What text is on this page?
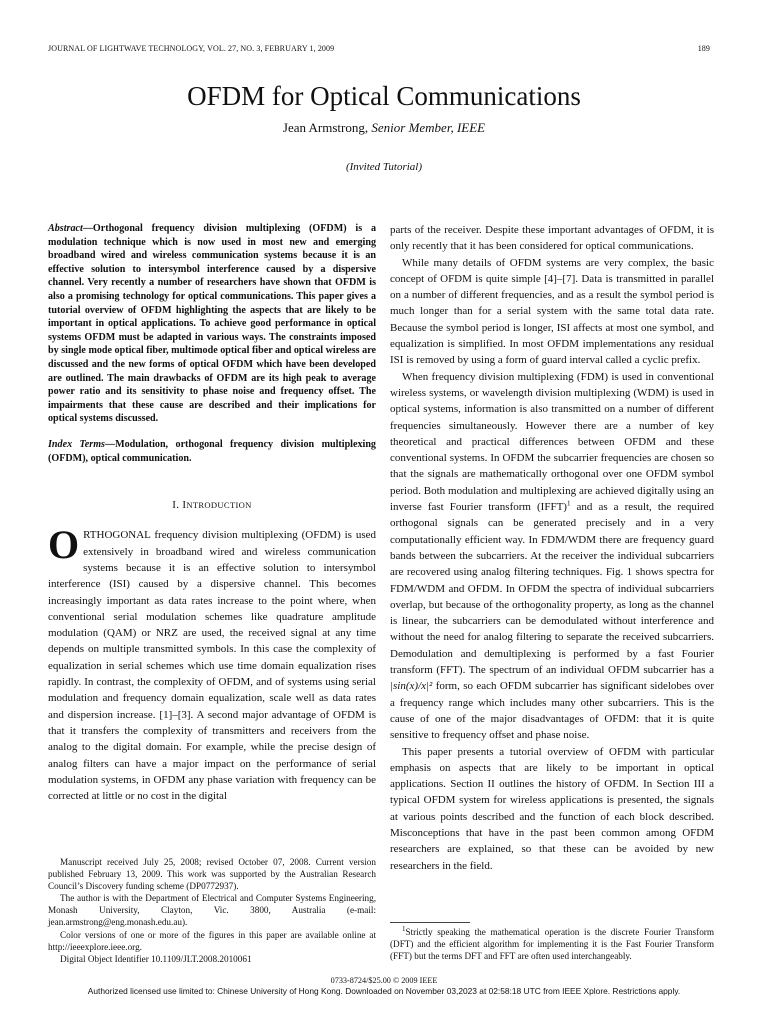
JOURNAL OF LIGHTWAVE TECHNOLOGY, VOL. 27, NO. 3, FEBRUARY 1, 2009	189
OFDM for Optical Communications
Jean Armstrong, Senior Member, IEEE
(Invited Tutorial)

Abstract—Orthogonal frequency division multiplexing (OFDM) is a modulation technique which is now used in most new and emerging broadband wired and wireless communication systems because it is an effective solution to intersymbol interference caused by a dispersive channel. Very recently a number of researchers have shown that OFDM is also a promising technology for optical communications. This paper gives a tutorial overview of OFDM highlighting the aspects that are likely to be important in optical applications. To achieve good performance in optical systems OFDM must be adapted in various ways. The constraints imposed by single mode optical fiber, multimode optical fiber and optical wireless are discussed and the new forms of optical OFDM which have been developed are outlined. The main drawbacks of OFDM are its high peak to average power ratio and its sensitivity to phase noise and frequency offset. The impairments that these cause are described and their implications for optical systems discussed.

Index Terms—Modulation, orthogonal frequency division multiplexing (OFDM), optical communication.

I. INTRODUCTION

ORTHOGONAL frequency division multiplexing (OFDM) is used extensively in broadband wired and wireless communication systems because it is an effective solution to intersymbol interference (ISI) caused by a dispersive channel. This becomes increasingly important as data rates increase to the point where, when conventional serial modulation schemes like quadrature amplitude modulation (QAM) or NRZ are used, the received signal at any time depends on multiple transmitted symbols. In this case the complexity of equalization in serial schemes which use time domain equalization rises rapidly. In contrast, the complexity of OFDM, and of systems using serial modulation and frequency domain equalization, scale well as data rates and dispersion increase. [1]–[3]. A second major advantage of OFDM is that it transfers the complexity of transmitters and receivers from the analog to the digital domain. For example, while the precise design of analog filters can have a major impact on the performance of serial modulation systems, in OFDM any phase variation with frequency can be corrected at little or no cost in the digital

Manuscript received July 25, 2008; revised October 07, 2008. Current version published February 13, 2009. This work was supported by the Australian Research Council’s Discovery funding scheme (DP0772937).

The author is with the Department of Electrical and Computer Systems Engineering, Monash University, Clayton, Vic. 3800, Australia (e-mail: jean.armstrong@eng.monash.edu.au).

Color versions of one or more of the figures in this paper are available online at http://ieeexplore.ieee.org.

Digital Object Identifier 10.1109/JLT.2008.2010061

parts of the receiver. Despite these important advantages of OFDM, it is only recently that it has been considered for optical communications.

While many details of OFDM systems are very complex, the basic concept of OFDM is quite simple [4]–[7]. Data is transmitted in parallel on a number of different frequencies, and as a result the symbol period is much longer than for a serial system with the same total data rate. Because the symbol period is longer, ISI affects at most one symbol, and equalization is simplified. In most OFDM implementations any residual ISI is removed by using a form of guard interval called a cyclic prefix.

When frequency division multiplexing (FDM) is used in conventional wireless systems, or wavelength division multiplexing (WDM) is used in optical systems, information is also transmitted on a number of different frequencies simultaneously. However there are a number of key theoretical and practical differences between OFDM and these conventional systems. In OFDM the subcarrier frequencies are chosen so that the signals are mathematically orthogonal over one OFDM symbol period. Both modulation and multiplexing are achieved digitally using an inverse fast Fourier transform (IFFT)$^1$ and as a result, the required orthogonal signals can be generated precisely and in a very computationally efficient way. In FDM/WDM there are frequency guard bands between the subcarriers. At the receiver the individual subcarriers are recovered using analog filtering techniques. Fig. 1 shows spectra for FDM/WDM and OFDM. In OFDM the spectra of individual subcarriers overlap, but because of the orthogonality property, as long as the channel is linear, the subcarriers can be demodulated without interference and without the need for analog filtering to separate the received subcarriers. Demodulation and demultiplexing is performed by a fast Fourier transform (FFT). The spectrum of an individual OFDM subcarrier has a |sin(x)/x|² form, so each OFDM subcarrier has significant sidelobes over a frequency range which includes many other subcarriers. This is the cause of one of the major disadvantages of OFDM: that it is quite sensitive to frequency offset and phase noise.

This paper presents a tutorial overview of OFDM with particular emphasis on aspects that are likely to be important in optical applications. Section II outlines the history of OFDM. In Section III a typical OFDM system for wireless applications is presented, the signals at various points described and the function of each block described. Misconceptions that have in the past been common among OFDM researchers are explained, so that these can be avoided by new researchers in the field.

$^1$Strictly speaking the mathematical operation is the discrete Fourier Transform (DFT) and the efficient algorithm for implementing it is the Fast Fourier Transform (FFT) but the terms DFT and FFT are often used interchangeably.

0733-8724/$25.00 © 2009 IEEE
Authorized licensed use limited to: Chinese University of Hong Kong. Downloaded on November 03,2023 at 02:58:18 UTC from IEEE Xplore. Restrictions apply.
